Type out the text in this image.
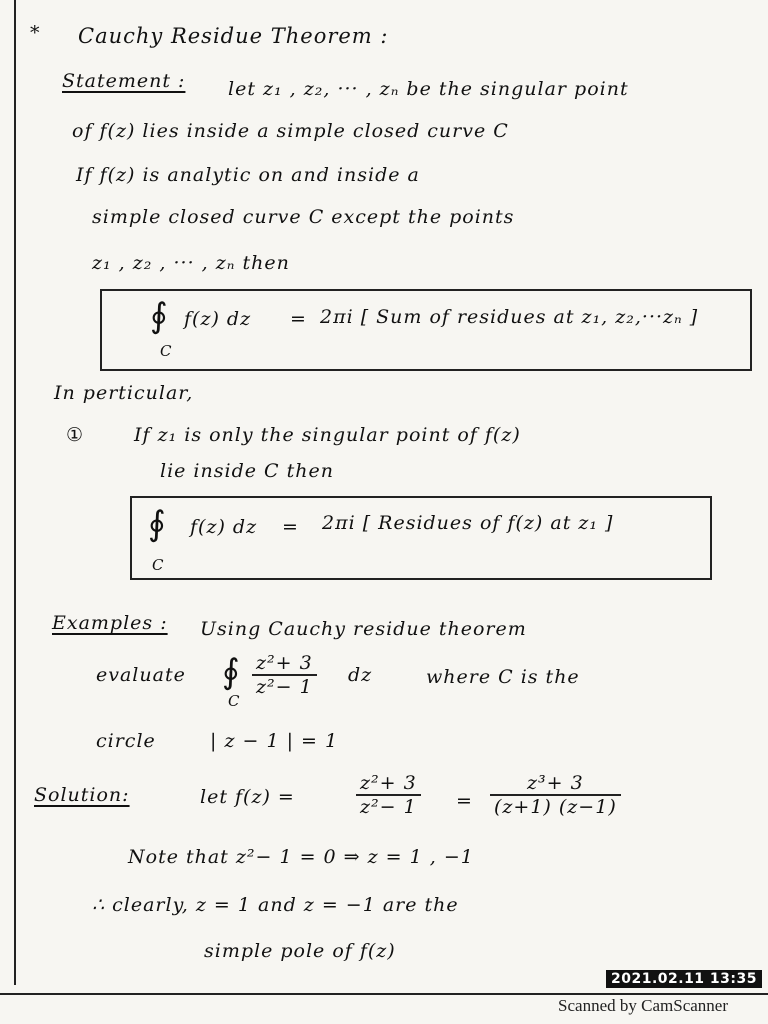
* Cauchy Residue Theorem :
Statement : let z₁ , z₂, ··· , zₙ be the singular point
of f(z) lies inside a simple closed curve C
If f(z) is analytic on and inside a
simple closed curve C except the points
z₁ , z₂ , ··· , zₙ then
∮ f(z) dz = 2πi [ Sum of residues at z₁, z₂,···zₙ ]
C
In perticular,
①	If z₁ is only the singular point of f(z)
lie inside C then
∮ f(z) dz = 2πi [ Residues of f(z) at z₁ ]
C
Examples : Using Cauchy residue theorem
evaluate ∮ $\frac{\text{z²+ 3}}{\text{z²− 1}}$ dz	where C is the
C
circle	| z − 1 | = 1
Solution:	let f(z) =	$\frac{\text{z²+ 3}}{\text{z²− 1}} = \frac{\text{z³+ 3}}{(z+1) (z-1)}$
Note that z²− 1 = 0 ⇒ z = 1 , −1
∴ clearly, z = 1 and z = −1 are the
simple pole of f(z)
2021.02.11 13:35
Scanned by CamScanner
